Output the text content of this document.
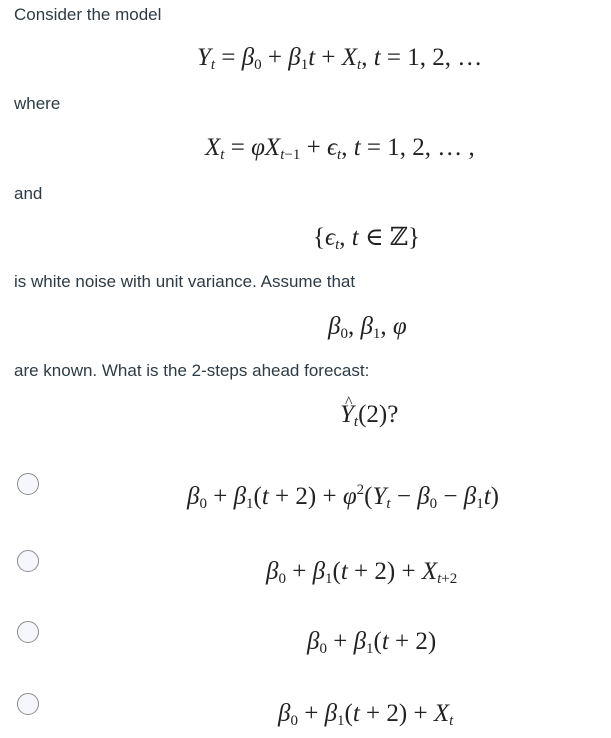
Consider the model
$Y_t = \beta_0 + \beta_1t + X_t$, t = 1, 2, …
where
$X_t = \varphi X_{t-1} + \epsilon_t$, t = 1, 2, … ,
and
{$\epsilon_t$, t ∈ ℤ}
is white noise with unit variance. Assume that
$\beta_0$, $\beta_1$, φ
are known. What is the 2-steps ahead forecast:
^ $Y_t(2)$?
$\beta_0 + \beta_1(t + 2) + \varphi^2(Y_t - \beta_0 - \beta_1t)$
$\beta_0 + \beta_1(t + 2) + X_{t+2}$
$\beta_0 + \beta_1(t + 2)$
$\beta_0 + \beta_1(t + 2) + X_t$
